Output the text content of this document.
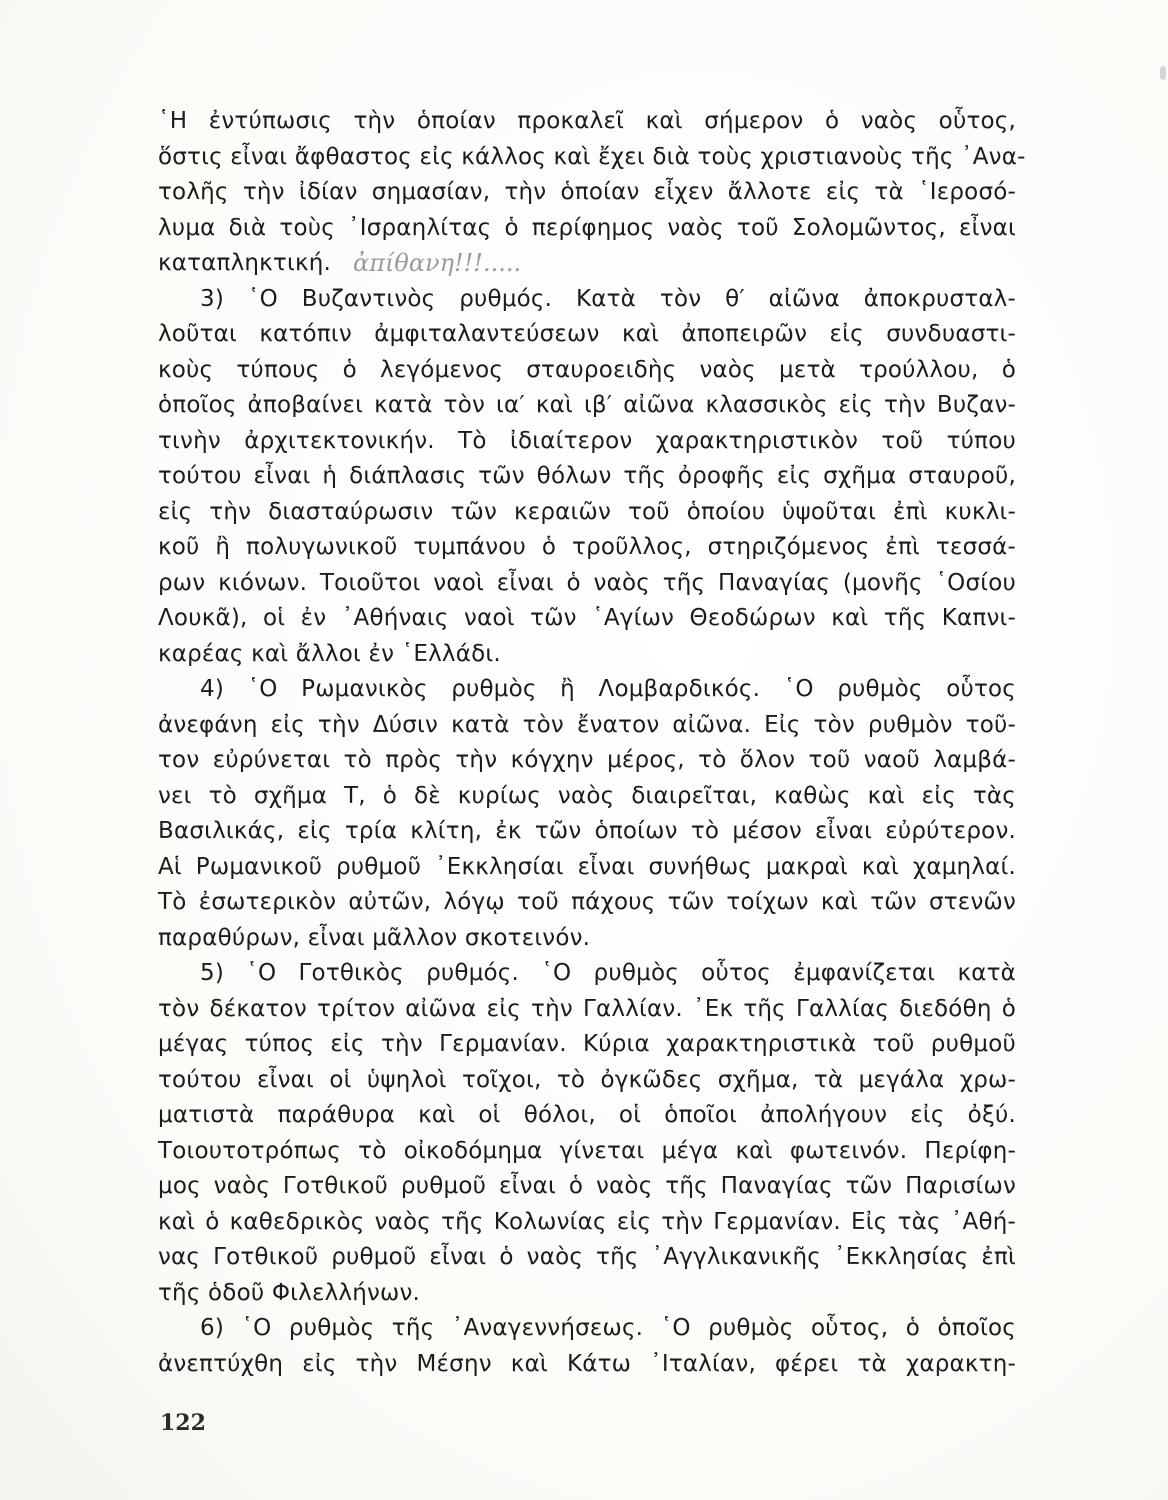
῾Η ἐντύπωσις τὴν ὁποίαν προκαλεῖ καὶ σήμερον ὁ ναὸς οὗτος,
ὅστις εἶναι ἄφθαστος εἰς κάλλος καὶ ἔχει διὰ τοὺς χριστιανοὺς τῆς ᾿Ανα-
τολῆς τὴν ἰδίαν σημασίαν, τὴν ὁποίαν εἶχεν ἄλλοτε εἰς τὰ ῾Ιεροσό-
λυμα διὰ τοὺς ᾿Ισραηλίτας ὁ περίφημος ναὸς τοῦ Σολομῶντος, εἶναι
καταπληκτική.
3) ῾Ο Βυζαντινὸς ρυθμός. Κατὰ τὸν θ′ αἰῶνα ἀποκρυσταλ-
λοῦται κατόπιν ἀμφιταλαντεύσεων καὶ ἀποπειρῶν εἰς συνδυαστι-
κοὺς τύπους ὁ λεγόμενος σταυροειδὴς ναὸς μετὰ τρούλλου, ὁ
ὁποῖος ἀποβαίνει κατὰ τὸν ια′ καὶ ιβ′ αἰῶνα κλασσικὸς εἰς τὴν Βυζαν-
τινὴν ἀρχιτεκτονικήν. Τὸ ἰδιαίτερον χαρακτηριστικὸν τοῦ τύπου
τούτου εἶναι ἡ διάπλασις τῶν θόλων τῆς ὀροφῆς εἰς σχῆμα σταυροῦ,
εἰς τὴν διασταύρωσιν τῶν κεραιῶν τοῦ ὁποίου ὑψοῦται ἐπὶ κυκλι-
κοῦ ἢ πολυγωνικοῦ τυμπάνου ὁ τροῦλλος, στηριζόμενος ἐπὶ τεσσά-
ρων κιόνων. Τοιοῦτοι ναοὶ εἶναι ὁ ναὸς τῆς Παναγίας (μονῆς ῾Οσίου
Λουκᾶ), οἱ ἐν ᾿Αθήναις ναοὶ τῶν ῾Αγίων Θεοδώρων καὶ τῆς Καπνι-
καρέας καὶ ἄλλοι ἐν ῾Ελλάδι.
4) ῾Ο Ρωμανικὸς ρυθμὸς ἢ Λομβαρδικός. ῾Ο ρυθμὸς οὗτος
ἀνεφάνη εἰς τὴν Δύσιν κατὰ τὸν ἔνατον αἰῶνα. Εἰς τὸν ρυθμὸν τοῦ-
τον εὐρύνεται τὸ πρὸς τὴν κόγχην μέρος, τὸ ὅλον τοῦ ναοῦ λαμβά-
νει τὸ σχῆμα Τ, ὁ δὲ κυρίως ναὸς διαιρεῖται, καθὼς καὶ εἰς τὰς
Βασιλικάς, εἰς τρία κλίτη, ἐκ τῶν ὁποίων τὸ μέσον εἶναι εὐρύτερον.
Αἱ Ρωμανικοῦ ρυθμοῦ ᾿Εκκλησίαι εἶναι συνήθως μακραὶ καὶ χαμηλαί.
Τὸ ἐσωτερικὸν αὐτῶν, λόγῳ τοῦ πάχους τῶν τοίχων καὶ τῶν στενῶν
παραθύρων, εἶναι μᾶλλον σκοτεινόν.
5) ῾Ο Γοτθικὸς ρυθμός. ῾Ο ρυθμὸς οὗτος ἐμφανίζεται κατὰ
τὸν δέκατον τρίτον αἰῶνα εἰς τὴν Γαλλίαν. ᾿Εκ τῆς Γαλλίας διεδόθη ὁ
μέγας τύπος εἰς τὴν Γερμανίαν. Κύρια χαρακτηριστικὰ τοῦ ρυθμοῦ
τούτου εἶναι οἱ ὑψηλοὶ τοῖχοι, τὸ ὀγκῶδες σχῆμα, τὰ μεγάλα χρω-
ματιστὰ παράθυρα καὶ οἱ θόλοι, οἱ ὁποῖοι ἀπολήγουν εἰς ὀξύ.
Τοιουτοτρόπως τὸ οἰκοδόμημα γίνεται μέγα καὶ φωτεινόν. Περίφη-
μος ναὸς Γοτθικοῦ ρυθμοῦ εἶναι ὁ ναὸς τῆς Παναγίας τῶν Παρισίων
καὶ ὁ καθεδρικὸς ναὸς τῆς Κολωνίας εἰς τὴν Γερμανίαν. Εἰς τὰς ᾿Αθή-
νας Γοτθικοῦ ρυθμοῦ εἶναι ὁ ναὸς τῆς ᾿Αγγλικανικῆς ᾿Εκκλησίας ἐπὶ
τῆς ὁδοῦ Φιλελλήνων.
6) ῾Ο ρυθμὸς τῆς ᾿Αναγεννήσεως. ῾Ο ρυθμὸς οὗτος, ὁ ὁποῖος
ἀνεπτύχθη εἰς τὴν Μέσην καὶ Κάτω ᾿Ιταλίαν, φέρει τὰ χαρακτη-
ἀπίθανη!!!.....
122
